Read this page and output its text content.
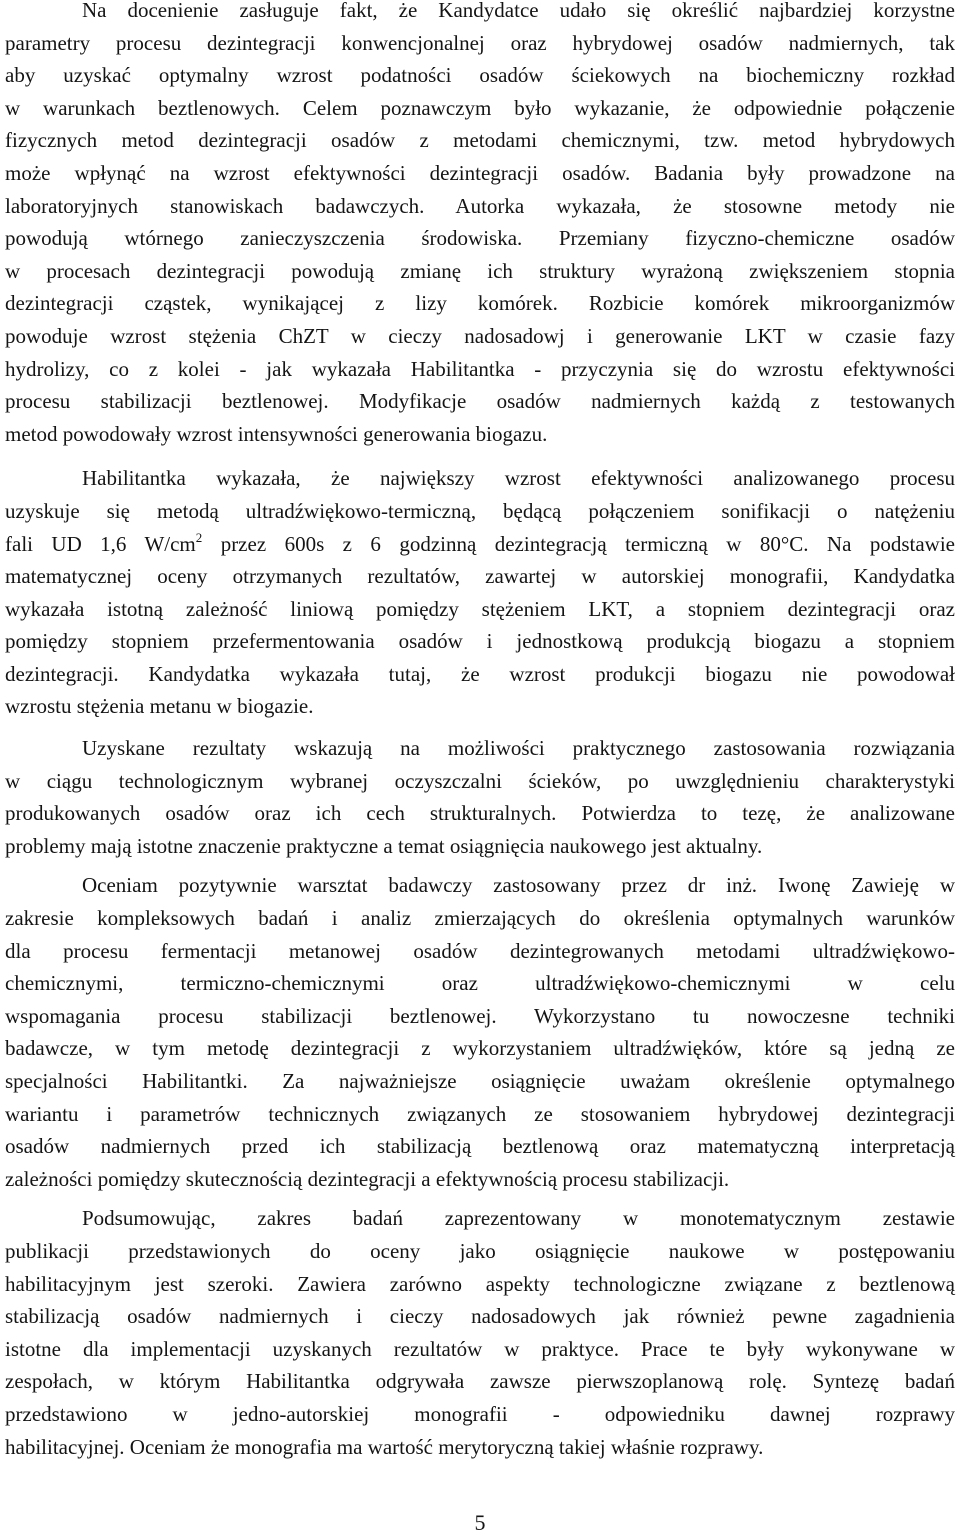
Na docenienie zasługuje fakt, że Kandydatce udało się określić najbardziej korzystne
parametry procesu dezintegracji konwencjonalnej oraz hybrydowej osadów nadmiernych, tak
aby uzyskać optymalny wzrost podatności osadów ściekowych na biochemiczny rozkład
w warunkach beztlenowych. Celem poznawczym było wykazanie, że odpowiednie połączenie
fizycznych metod dezintegracji osadów z metodami chemicznymi, tzw. metod hybrydowych
może wpłynąć na wzrost efektywności dezintegracji osadów. Badania były prowadzone na
laboratoryjnych stanowiskach badawczych. Autorka wykazała, że stosowne metody nie
powodują wtórnego zanieczyszczenia środowiska. Przemiany fizyczno-chemiczne osadów
w procesach dezintegracji powodują zmianę ich struktury wyrażoną zwiększeniem stopnia
dezintegracji cząstek, wynikającej z lizy komórek. Rozbicie komórek mikroorganizmów
powoduje wzrost stężenia ChZT w cieczy nadosadowj i generowanie LKT w czasie fazy
hydrolizy, co z kolei - jak wykazała Habilitantka - przyczynia się do wzrostu efektywności
procesu stabilizacji beztlenowej. Modyfikacje osadów nadmiernych każdą z testowanych
metod powodowały wzrost intensywności generowania biogazu.
Habilitantka wykazała, że największy wzrost efektywności analizowanego procesu
uzyskuje się metodą ultradźwiękowo-termiczną, będącą połączeniem sonifikacji o natężeniu
fali UD 1,6 $W/cm^2$ przez 600s z 6 godzinną dezintegracją termiczną w 80°C. Na podstawie
matematycznej oceny otrzymanych rezultatów, zawartej w autorskiej monografii, Kandydatka
wykazała istotną zależność liniową pomiędzy stężeniem LKT, a stopniem dezintegracji oraz
pomiędzy stopniem przefermentowania osadów i jednostkową produkcją biogazu a stopniem
dezintegracji. Kandydatka wykazała tutaj, że wzrost produkcji biogazu nie powodował
wzrostu stężenia metanu w biogazie.
Uzyskane rezultaty wskazują na możliwości praktycznego zastosowania rozwiązania
w ciągu technologicznym wybranej oczyszczalni ścieków, po uwzględnieniu charakterystyki
produkowanych osadów oraz ich cech strukturalnych. Potwierdza to tezę, że analizowane
problemy mają istotne znaczenie praktyczne a temat osiągnięcia naukowego jest aktualny.
Oceniam pozytywnie warsztat badawczy zastosowany przez dr inż. Iwonę Zawieję w
zakresie kompleksowych badań i analiz zmierzających do określenia optymalnych warunków
dla procesu fermentacji metanowej osadów dezintegrowanych metodami ultradźwiękowo-
chemicznymi, termiczno-chemicznymi oraz ultradźwiękowo-chemicznymi w celu
wspomagania procesu stabilizacji beztlenowej. Wykorzystano tu nowoczesne techniki
badawcze, w tym metodę dezintegracji z wykorzystaniem ultradźwięków, które są jedną ze
specjalności Habilitantki. Za najważniejsze osiągnięcie uważam określenie optymalnego
wariantu i parametrów technicznych związanych ze stosowaniem hybrydowej dezintegracji
osadów nadmiernych przed ich stabilizacją beztlenową oraz matematyczną interpretacją
zależności pomiędzy skutecznością dezintegracji a efektywnością procesu stabilizacji.
Podsumowując, zakres badań zaprezentowany w monotematycznym zestawie
publikacji przedstawionych do oceny jako osiągnięcie naukowe w postępowaniu
habilitacyjnym jest szeroki. Zawiera zarówno aspekty technologiczne związane z beztlenową
stabilizacją osadów nadmiernych i cieczy nadosadowych jak również pewne zagadnienia
istotne dla implementacji uzyskanych rezultatów w praktyce. Prace te były wykonywane w
zespołach, w którym Habilitantka odgrywała zawsze pierwszoplanową rolę. Syntezę badań
przedstawiono w jedno-autorskiej monografii - odpowiedniku dawnej rozprawy
habilitacyjnej. Oceniam że monografia ma wartość merytoryczną takiej właśnie rozprawy.
5
